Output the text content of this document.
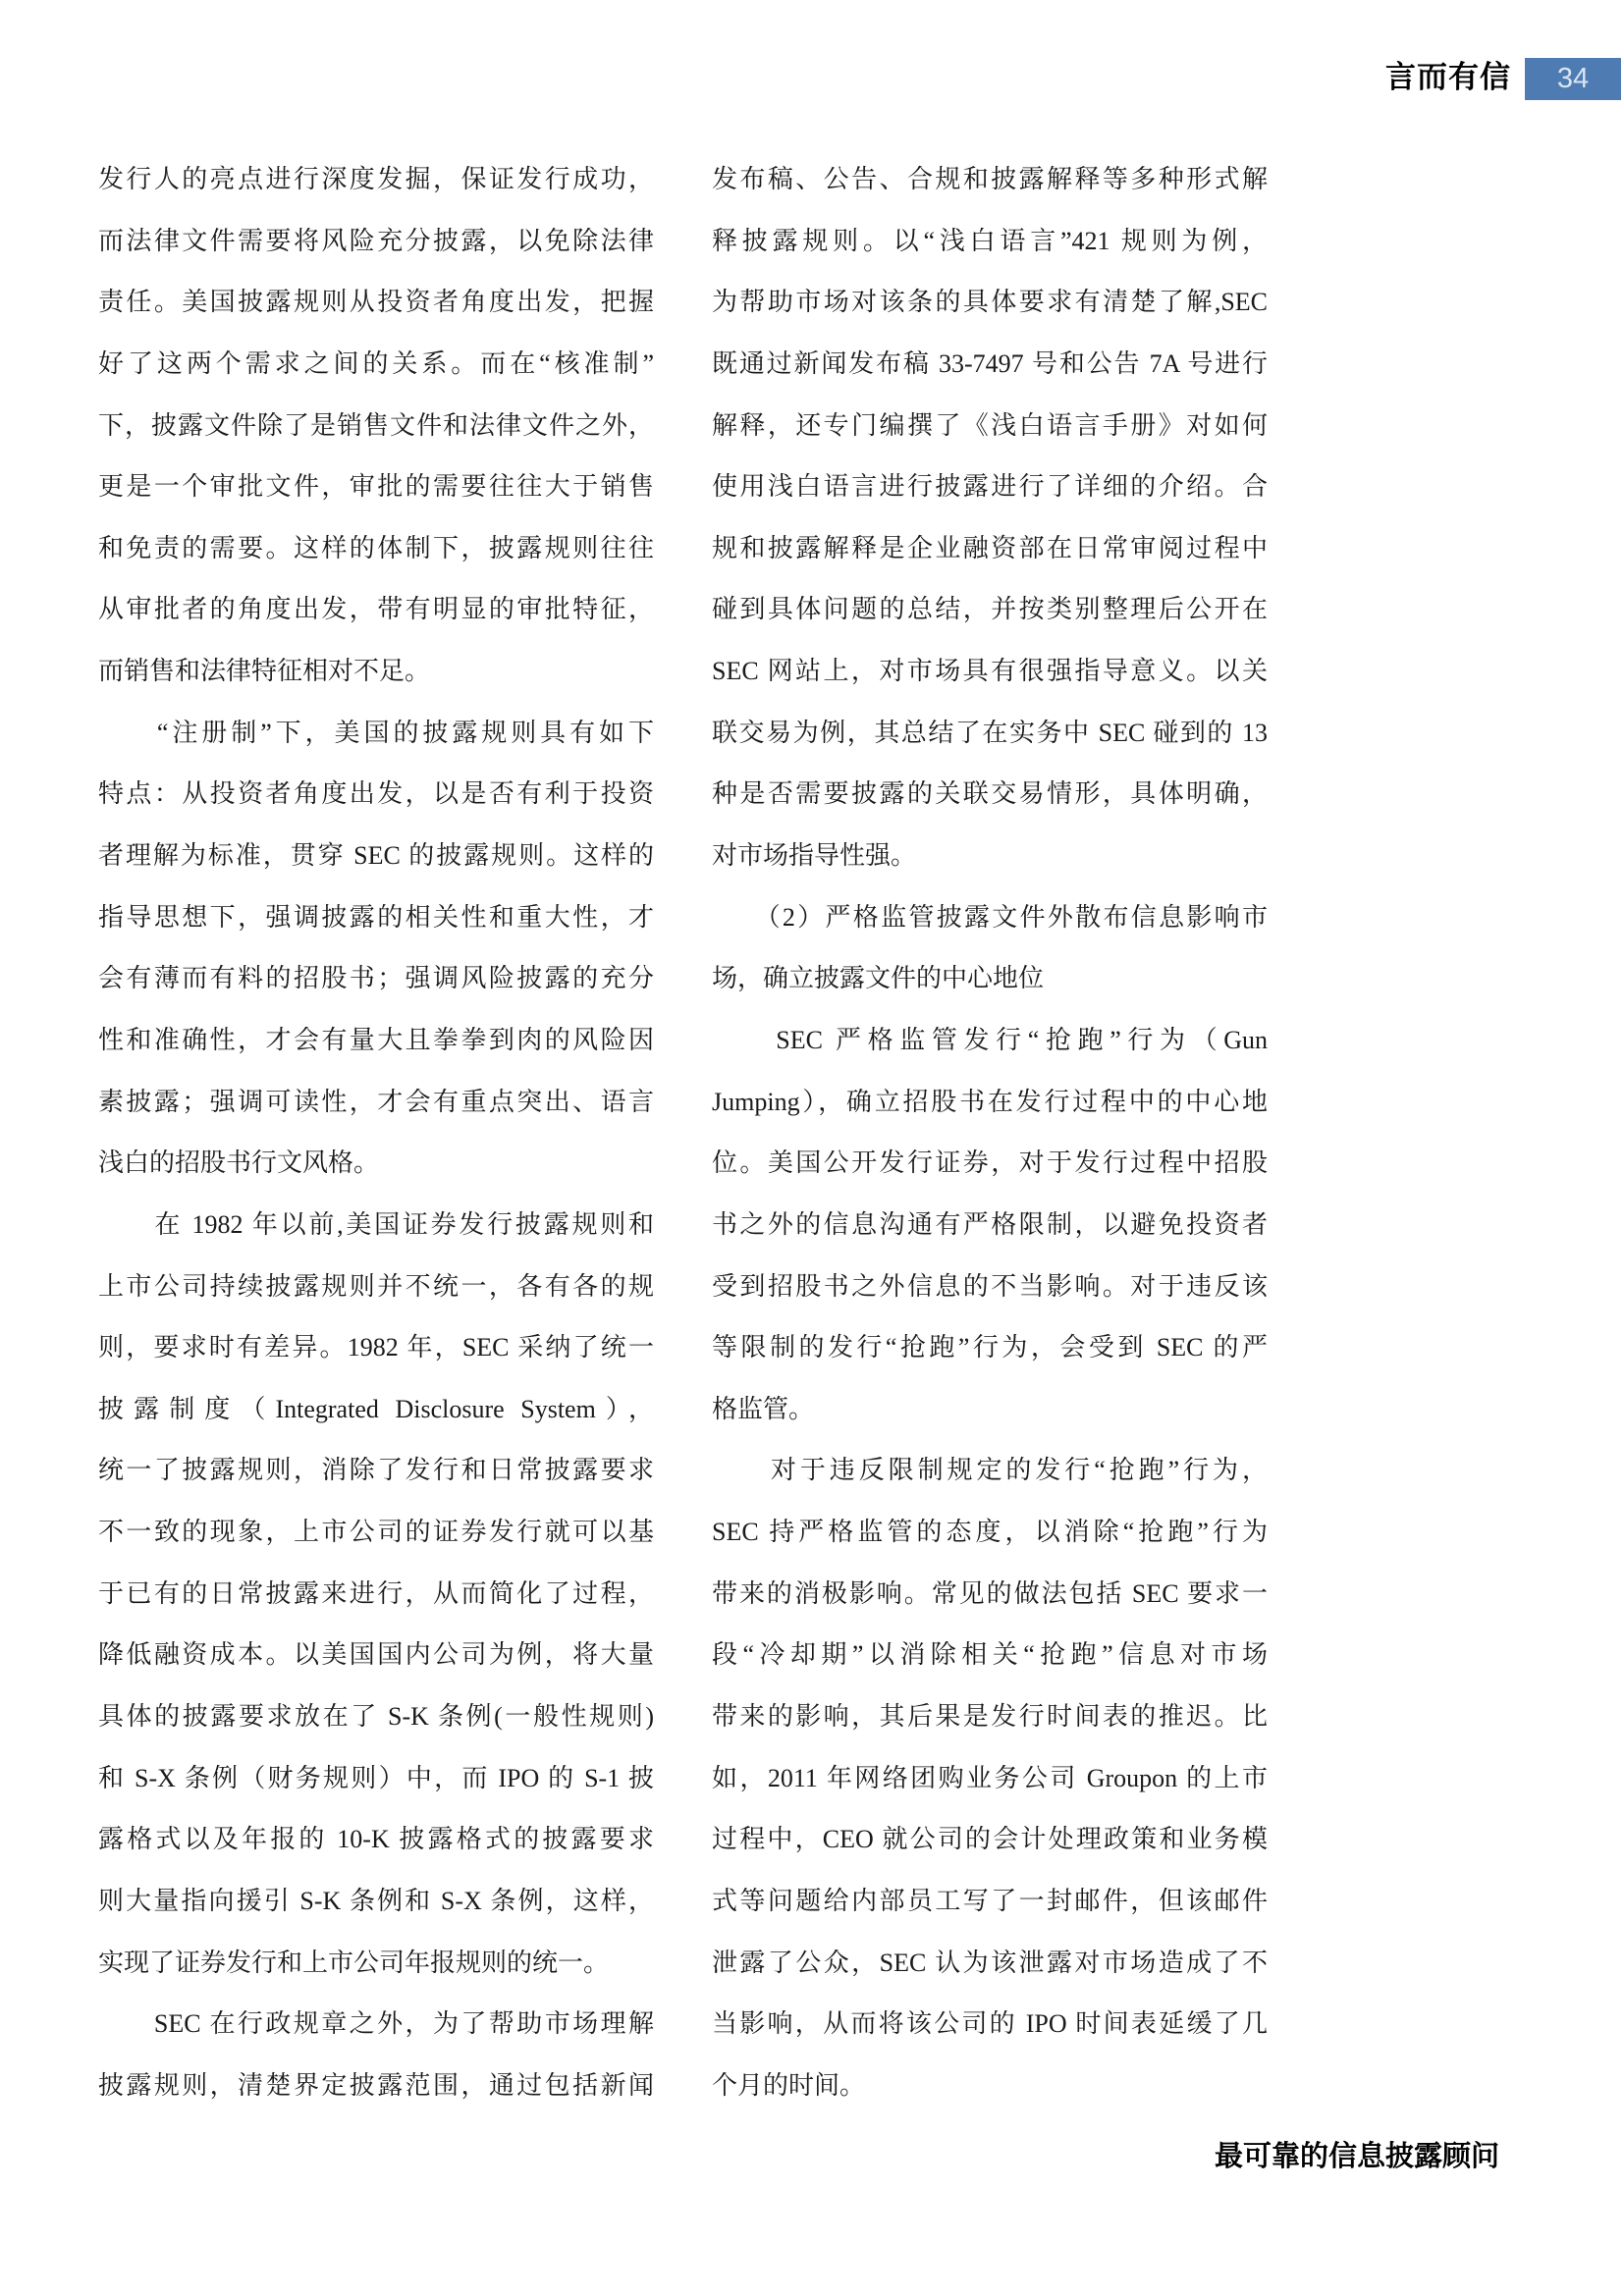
言而有信 34
发行人的亮点进行深度发掘，保证发行成功，
而法律文件需要将风险充分披露，以免除法律
责任。美国披露规则从投资者角度出发，把握
好了这两个需求之间的关系。而在“核准制”
下，披露文件除了是销售文件和法律文件之外，
更是一个审批文件，审批的需要往往大于销售
和免责的需要。这样的体制下，披露规则往往
从审批者的角度出发，带有明显的审批特征，
而销售和法律特征相对不足。
　　“注册制”下，美国的披露规则具有如下
特点：从投资者角度出发，以是否有利于投资
者理解为标准，贯穿 SEC 的披露规则。这样的
指导思想下，强调披露的相关性和重大性，才
会有薄而有料的招股书；强调风险披露的充分
性和准确性，才会有量大且拳拳到肉的风险因
素披露；强调可读性，才会有重点突出、语言
浅白的招股书行文风格。
　　在 1982 年以前,美国证券发行披露规则和
上市公司持续披露规则并不统一，各有各的规
则，要求时有差异。1982 年，SEC 采纳了统一
披露制度（Integrated Disclosure System），
统一了披露规则，消除了发行和日常披露要求
不一致的现象，上市公司的证券发行就可以基
于已有的日常披露来进行，从而简化了过程，
降低融资成本。以美国国内公司为例，将大量
具体的披露要求放在了 S-K 条例(一般性规则)
和 S-X 条例（财务规则）中，而 IPO 的 S-1 披
露格式以及年报的 10-K 披露格式的披露要求
则大量指向援引 S-K 条例和 S-X 条例，这样，
实现了证券发行和上市公司年报规则的统一。
　　SEC 在行政规章之外，为了帮助市场理解
披露规则，清楚界定披露范围，通过包括新闻
发布稿、公告、合规和披露解释等多种形式解
释披露规则。以“浅白语言”421 规则为例，
为帮助市场对该条的具体要求有清楚了解,SEC
既通过新闻发布稿 33-7497 号和公告 7A 号进行
解释，还专门编撰了《浅白语言手册》对如何
使用浅白语言进行披露进行了详细的介绍。合
规和披露解释是企业融资部在日常审阅过程中
碰到具体问题的总结，并按类别整理后公开在
SEC 网站上，对市场具有很强指导意义。以关
联交易为例，其总结了在实务中 SEC 碰到的 13
种是否需要披露的关联交易情形，具体明确，
对市场指导性强。
　　（2）严格监管披露文件外散布信息影响市
场，确立披露文件的中心地位
　　SEC 严格监管发行“抢跑”行为（Gun
Jumping），确立招股书在发行过程中的中心地
位。美国公开发行证券，对于发行过程中招股
书之外的信息沟通有严格限制，以避免投资者
受到招股书之外信息的不当影响。对于违反该
等限制的发行“抢跑”行为，会受到 SEC 的严
格监管。
　　对于违反限制规定的发行“抢跑”行为，
SEC 持严格监管的态度，以消除“抢跑”行为
带来的消极影响。常见的做法包括 SEC 要求一
段“冷却期”以消除相关“抢跑”信息对市场
带来的影响，其后果是发行时间表的推迟。比
如，2011 年网络团购业务公司 Groupon 的上市
过程中，CEO 就公司的会计处理政策和业务模
式等问题给内部员工写了一封邮件，但该邮件
泄露了公众，SEC 认为该泄露对市场造成了不
当影响，从而将该公司的 IPO 时间表延缓了几
个月的时间。
最可靠的信息披露顾问
